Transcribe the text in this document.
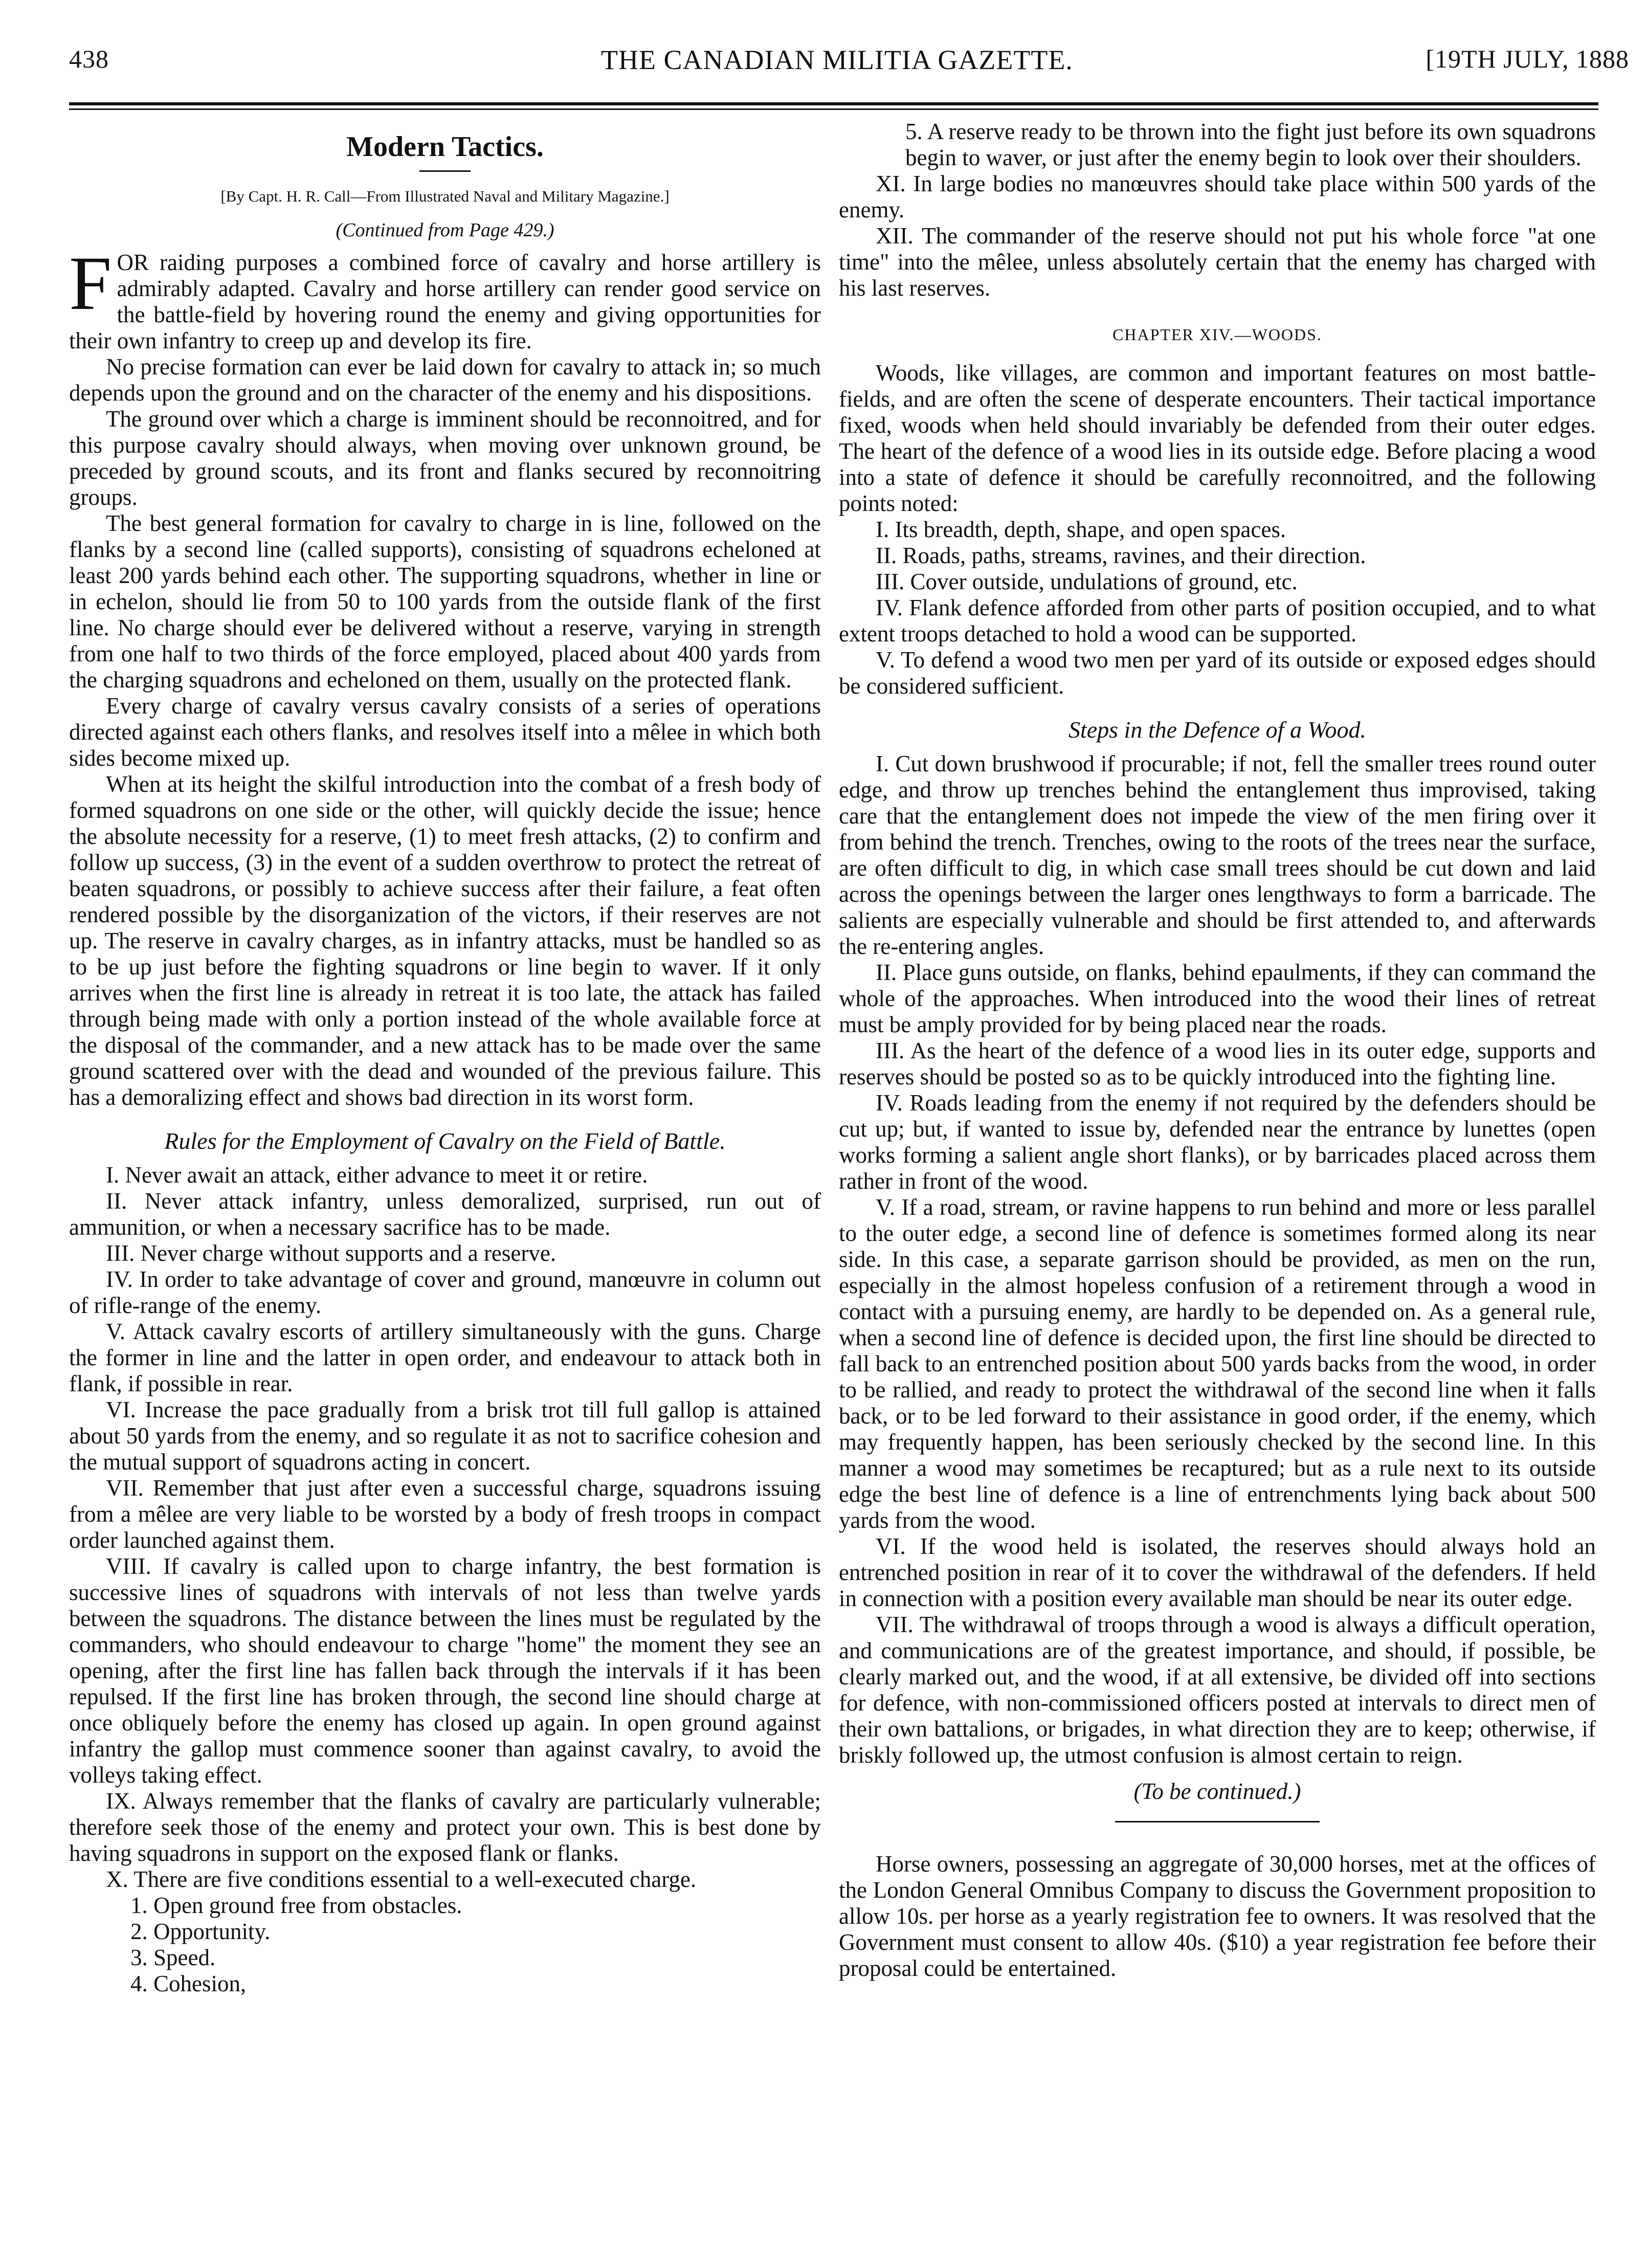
438	THE CANADIAN MILITIA GAZETTE.	[19TH JULY, 1888
Modern Tactics.
[By Capt. H. R. Call—From Illustrated Naval and Military Magazine.]
(Continued from Page 429.)

FOR raiding purposes a combined force of cavalry and horse artillery is admirably adapted. Cavalry and horse artillery can render good service on the battle-field by hovering round the enemy and giving opportunities for their own infantry to creep up and develop its fire.

No precise formation can ever be laid down for cavalry to attack in; so much depends upon the ground and on the character of the enemy and his dispositions.

The ground over which a charge is imminent should be reconnoitred, and for this purpose cavalry should always, when moving over unknown ground, be preceded by ground scouts, and its front and flanks secured by reconnoitring groups.

The best general formation for cavalry to charge in is line, followed on the flanks by a second line (called supports), consisting of squadrons echeloned at least 200 yards behind each other. The supporting squadrons, whether in line or in echelon, should lie from 50 to 100 yards from the outside flank of the first line. No charge should ever be delivered without a reserve, varying in strength from one half to two thirds of the force employed, placed about 400 yards from the charging squadrons and echeloned on them, usually on the protected flank.

Every charge of cavalry versus cavalry consists of a series of operations directed against each others flanks, and resolves itself into a mêlee in which both sides become mixed up.

When at its height the skilful introduction into the combat of a fresh body of formed squadrons on one side or the other, will quickly decide the issue; hence the absolute necessity for a reserve, (1) to meet fresh attacks, (2) to confirm and follow up success, (3) in the event of a sudden overthrow to protect the retreat of beaten squadrons, or possibly to achieve success after their failure, a feat often rendered possible by the disorganization of the victors, if their reserves are not up. The reserve in cavalry charges, as in infantry attacks, must be handled so as to be up just before the fighting squadrons or line begin to waver. If it only arrives when the first line is already in retreat it is too late, the attack has failed through being made with only a portion instead of the whole available force at the disposal of the commander, and a new attack has to be made over the same ground scattered over with the dead and wounded of the previous failure. This has a demoralizing effect and shows bad direction in its worst form.

Rules for the Employment of Cavalry on the Field of Battle.

I. Never await an attack, either advance to meet it or retire.

II. Never attack infantry, unless demoralized, surprised, run out of ammunition, or when a necessary sacrifice has to be made.

III. Never charge without supports and a reserve.

IV. In order to take advantage of cover and ground, manœuvre in column out of rifle-range of the enemy.

V. Attack cavalry escorts of artillery simultaneously with the guns. Charge the former in line and the latter in open order, and endeavour to attack both in flank, if possible in rear.

VI. Increase the pace gradually from a brisk trot till full gallop is attained about 50 yards from the enemy, and so regulate it as not to sacrifice cohesion and the mutual support of squadrons acting in concert.

VII. Remember that just after even a successful charge, squadrons issuing from a mêlee are very liable to be worsted by a body of fresh troops in compact order launched against them.

VIII. If cavalry is called upon to charge infantry, the best formation is successive lines of squadrons with intervals of not less than twelve yards between the squadrons. The distance between the lines must be regulated by the commanders, who should endeavour to charge "home" the moment they see an opening, after the first line has fallen back through the intervals if it has been repulsed. If the first line has broken through, the second line should charge at once obliquely before the enemy has closed up again. In open ground against infantry the gallop must commence sooner than against cavalry, to avoid the volleys taking effect.

IX. Always remember that the flanks of cavalry are particularly vulnerable; therefore seek those of the enemy and protect your own. This is best done by having squadrons in support on the exposed flank or flanks.

X. There are five conditions essential to a well-executed charge.

1. Open ground free from obstacles.

2. Opportunity.

3. Speed.

4. Cohesion,

5. A reserve ready to be thrown into the fight just before its own squadrons begin to waver, or just after the enemy begin to look over their shoulders.

XI. In large bodies no manœuvres should take place within 500 yards of the enemy.

XII. The commander of the reserve should not put his whole force "at one time" into the mêlee, unless absolutely certain that the enemy has charged with his last reserves.

CHAPTER XIV.—WOODS.

Woods, like villages, are common and important features on most battle-fields, and are often the scene of desperate encounters. Their tactical importance fixed, woods when held should invariably be defended from their outer edges. The heart of the defence of a wood lies in its outside edge. Before placing a wood into a state of defence it should be carefully reconnoitred, and the following points noted:

I. Its breadth, depth, shape, and open spaces.

II. Roads, paths, streams, ravines, and their direction.

III. Cover outside, undulations of ground, etc.

IV. Flank defence afforded from other parts of position occupied, and to what extent troops detached to hold a wood can be supported.

V. To defend a wood two men per yard of its outside or exposed edges should be considered sufficient.

Steps in the Defence of a Wood.

I. Cut down brushwood if procurable; if not, fell the smaller trees round outer edge, and throw up trenches behind the entanglement thus improvised, taking care that the entanglement does not impede the view of the men firing over it from behind the trench. Trenches, owing to the roots of the trees near the surface, are often difficult to dig, in which case small trees should be cut down and laid across the openings between the larger ones lengthways to form a barricade. The salients are especially vulnerable and should be first attended to, and afterwards the re-entering angles.

II. Place guns outside, on flanks, behind epaulments, if they can command the whole of the approaches. When introduced into the wood their lines of retreat must be amply provided for by being placed near the roads.

III. As the heart of the defence of a wood lies in its outer edge, supports and reserves should be posted so as to be quickly introduced into the fighting line.

IV. Roads leading from the enemy if not required by the defenders should be cut up; but, if wanted to issue by, defended near the entrance by lunettes (open works forming a salient angle short flanks), or by barricades placed across them rather in front of the wood.

V. If a road, stream, or ravine happens to run behind and more or less parallel to the outer edge, a second line of defence is sometimes formed along its near side. In this case, a separate garrison should be provided, as men on the run, especially in the almost hopeless confusion of a retirement through a wood in contact with a pursuing enemy, are hardly to be depended on. As a general rule, when a second line of defence is decided upon, the first line should be directed to fall back to an entrenched position about 500 yards backs from the wood, in order to be rallied, and ready to protect the withdrawal of the second line when it falls back, or to be led forward to their assistance in good order, if the enemy, which may frequently happen, has been seriously checked by the second line. In this manner a wood may sometimes be recaptured; but as a rule next to its outside edge the best line of defence is a line of entrenchments lying back about 500 yards from the wood.

VI. If the wood held is isolated, the reserves should always hold an entrenched position in rear of it to cover the withdrawal of the defenders. If held in connection with a position every available man should be near its outer edge.

VII. The withdrawal of troops through a wood is always a difficult operation, and communications are of the greatest importance, and should, if possible, be clearly marked out, and the wood, if at all extensive, be divided off into sections for defence, with non-commissioned officers posted at intervals to direct men of their own battalions, or brigades, in what direction they are to keep; otherwise, if briskly followed up, the utmost confusion is almost certain to reign.

(To be continued.)

Horse owners, possessing an aggregate of 30,000 horses, met at the offices of the London General Omnibus Company to discuss the Government proposition to allow 10s. per horse as a yearly registration fee to owners. It was resolved that the Government must consent to allow 40s. ($10) a year registration fee before their proposal could be entertained.
